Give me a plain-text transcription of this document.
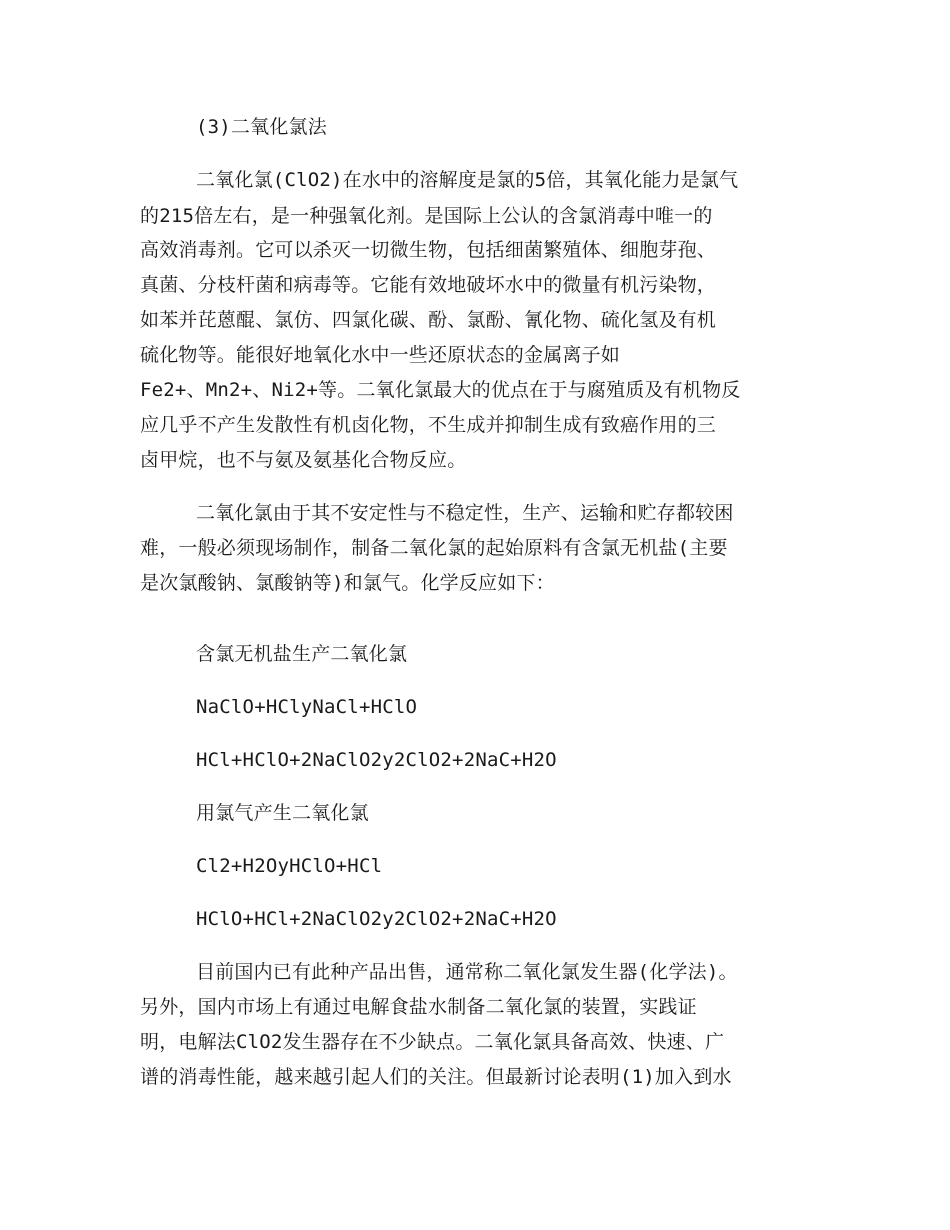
(3)二氧化氯法
二氧化氯(ClO2)在水中的溶解度是氯的5倍，其氧化能力是氯气
的215倍左右，是一种强氧化剂。是国际上公认的含氯消毒中唯一的
高效消毒剂。它可以杀灭一切微生物，包括细菌繁殖体、细胞芽孢、
真菌、分枝杆菌和病毒等。它能有效地破坏水中的微量有机污染物，
如苯并芘蒽醌、氯仿、四氯化碳、酚、氯酚、氰化物、硫化氢及有机
硫化物等。能很好地氧化水中一些还原状态的金属离子如
Fe2+、Mn2+、Ni2+等。二氧化氯最大的优点在于与腐殖质及有机物反
应几乎不产生发散性有机卤化物，不生成并抑制生成有致癌作用的三
卤甲烷，也不与氨及氨基化合物反应。
二氧化氯由于其不安定性与不稳定性，生产、运输和贮存都较困
难，一般必须现场制作，制备二氧化氯的起始原料有含氯无机盐(主要
是次氯酸钠、氯酸钠等)和氯气。化学反应如下：
含氯无机盐生产二氧化氯
NaClO+HClyNaCl+HClO
HCl+HClO+2NaClO2y2ClO2+2NaC+H2O
用氯气产生二氧化氯
Cl2+H2OyHClO+HCl
HClO+HCl+2NaClO2y2ClO2+2NaC+H2O
目前国内已有此种产品出售，通常称二氧化氯发生器(化学法)。
另外，国内市场上有通过电解食盐水制备二氧化氯的装置，实践证
明，电解法ClO2发生器存在不少缺点。二氧化氯具备高效、快速、广
谱的消毒性能，越来越引起人们的关注。但最新讨论表明(1)加入到水
